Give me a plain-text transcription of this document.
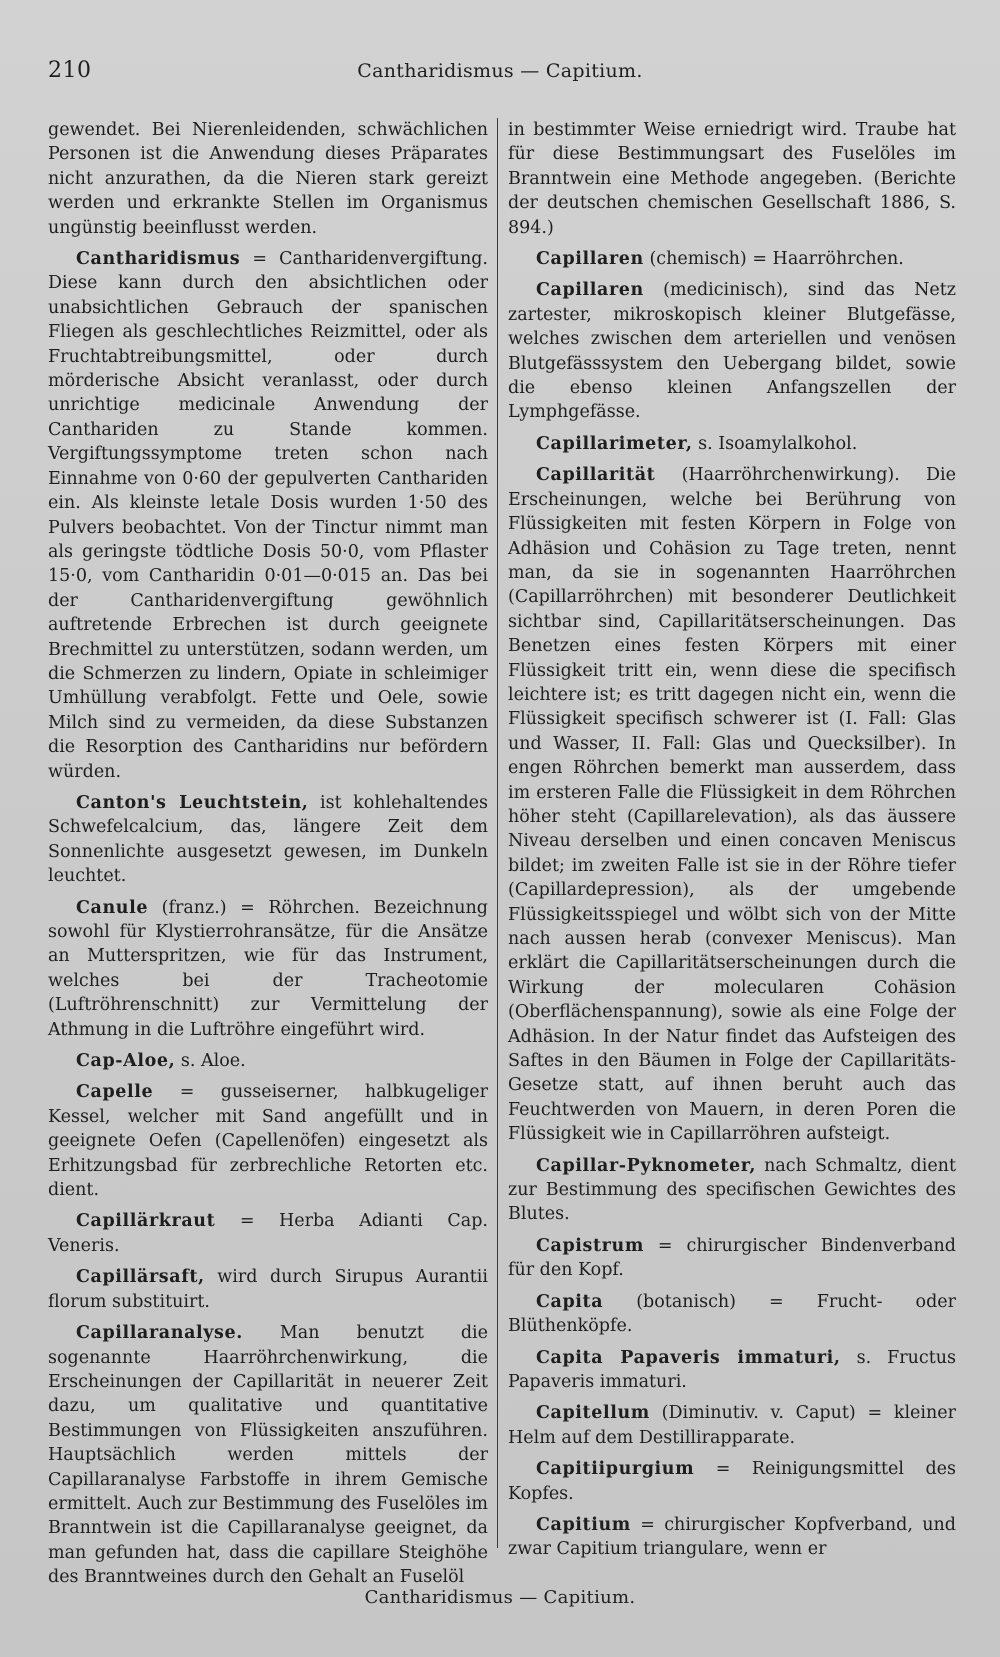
210	Cantharidismus — Capitium.

gewendet. Bei Nierenleidenden, schwächlichen Personen ist die Anwendung dieses Präparates nicht anzurathen, da die Nieren stark gereizt werden und erkrankte Stellen im Organismus ungünstig beeinflusst werden.

Cantharidismus = Cantharidenvergiftung. Diese kann durch den absichtlichen oder unabsichtlichen Gebrauch der spanischen Fliegen als geschlechtliches Reizmittel, oder als Fruchtabtreibungsmittel, oder durch mörderische Absicht veranlasst, oder durch unrichtige medicinale Anwendung der Canthariden zu Stande kommen. Vergiftungssymptome treten schon nach Einnahme von 0·60 der gepulverten Canthariden ein. Als kleinste letale Dosis wurden 1·50 des Pulvers beobachtet. Von der Tinctur nimmt man als geringste tödtliche Dosis 50·0, vom Pflaster 15·0, vom Cantharidin 0·01—0·015 an. Das bei der Cantharidenvergiftung gewöhnlich auftretende Erbrechen ist durch geeignete Brechmittel zu unterstützen, sodann werden, um die Schmerzen zu lindern, Opiate in schleimiger Umhüllung verabfolgt. Fette und Oele, sowie Milch sind zu vermeiden, da diese Substanzen die Resorption des Cantharidins nur befördern würden.

Canton's Leuchtstein, ist kohlehaltendes Schwefelcalcium, das, längere Zeit dem Sonnenlichte ausgesetzt gewesen, im Dunkeln leuchtet.

Canule (franz.) = Röhrchen. Bezeichnung sowohl für Klystierrohransätze, für die Ansätze an Mutterspritzen, wie für das Instrument, welches bei der Tracheotomie (Luftröhrenschnitt) zur Vermittelung der Athmung in die Luftröhre eingeführt wird.

Cap-Aloe, s. Aloe.

Capelle = gusseiserner, halbkugeliger Kessel, welcher mit Sand angefüllt und in geeignete Oefen (Capellenöfen) eingesetzt als Erhitzungsbad für zerbrechliche Retorten etc. dient.

Capillärkraut = Herba Adianti Cap. Veneris.

Capillärsaft, wird durch Sirupus Aurantii florum substituirt.

Capillaranalyse. Man benutzt die sogenannte Haarröhrchenwirkung, die Erscheinungen der Capillarität in neuerer Zeit dazu, um qualitative und quantitative Bestimmungen von Flüssigkeiten anszuführen. Hauptsächlich werden mittels der Capillaranalyse Farbstoffe in ihrem Gemische ermittelt. Auch zur Bestimmung des Fuselöles im Branntwein ist die Capillaranalyse geeignet, da man gefunden hat, dass die capillare Steighöhe des Branntweines durch den Gehalt an Fuselöl

in bestimmter Weise erniedrigt wird. Traube hat für diese Bestimmungsart des Fuselöles im Branntwein eine Methode angegeben. (Berichte der deutschen chemischen Gesellschaft 1886, S. 894.)

Capillaren (chemisch) = Haarröhrchen.

Capillaren (medicinisch), sind das Netz zartester, mikroskopisch kleiner Blutgefässe, welches zwischen dem arteriellen und venösen Blutgefässsystem den Uebergang bildet, sowie die ebenso kleinen Anfangszellen der Lymphgefässe.

Capillarimeter, s. Isoamylalkohol.

Capillarität (Haarröhrchenwirkung). Die Erscheinungen, welche bei Berührung von Flüssigkeiten mit festen Körpern in Folge von Adhäsion und Cohäsion zu Tage treten, nennt man, da sie in sogenannten Haarröhrchen (Capillarröhrchen) mit besonderer Deutlichkeit sichtbar sind, Capillaritätserscheinungen. Das Benetzen eines festen Körpers mit einer Flüssigkeit tritt ein, wenn diese die specifisch leichtere ist; es tritt dagegen nicht ein, wenn die Flüssigkeit specifisch schwerer ist (I. Fall: Glas und Wasser, II. Fall: Glas und Quecksilber). In engen Röhrchen bemerkt man ausserdem, dass im ersteren Falle die Flüssigkeit in dem Röhrchen höher steht (Capillarelevation), als das äussere Niveau derselben und einen concaven Meniscus bildet; im zweiten Falle ist sie in der Röhre tiefer (Capillardepression), als der umgebende Flüssigkeitsspiegel und wölbt sich von der Mitte nach aussen herab (convexer Meniscus). Man erklärt die Capillaritätserscheinungen durch die Wirkung der molecularen Cohäsion (Oberflächenspannung), sowie als eine Folge der Adhäsion. In der Natur findet das Aufsteigen des Saftes in den Bäumen in Folge der Capillaritäts-Gesetze statt, auf ihnen beruht auch das Feuchtwerden von Mauern, in deren Poren die Flüssigkeit wie in Capillarröhren aufsteigt.

Capillar-Pyknometer, nach Schmaltz, dient zur Bestimmung des specifischen Gewichtes des Blutes.

Capistrum = chirurgischer Bindenverband für den Kopf.

Capita (botanisch) = Frucht- oder Blüthenköpfe.

Capita Papaveris immaturi, s. Fructus Papaveris immaturi.

Capitellum (Diminutiv. v. Caput) = kleiner Helm auf dem Destillirapparate.

Capitiipurgium = Reinigungsmittel des Kopfes.

Capitium = chirurgischer Kopfverband, und zwar Capitium triangulare, wenn er

Cantharidismus — Capitium.
